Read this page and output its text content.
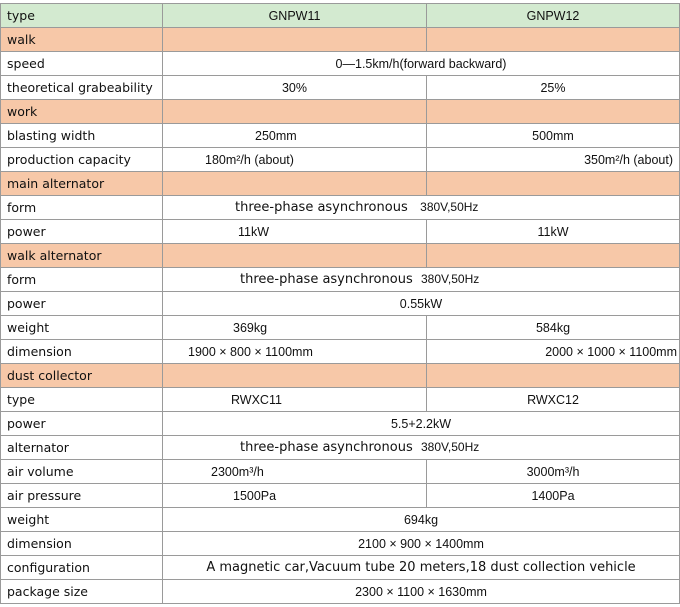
type	GNPW11	GNPW12
walk		
speed	0—1.5km/h(forward backward)	
theoretical grabeability	30%	25%
work		
blasting width	250mm	500mm
production capacity	180m²/h (about)	350m²/h (about)
main alternator		
form	three-phase asynchronous 380V,50Hz	
power	11kW	11kW
walk alternator		
form	three-phase asynchronous 380V,50Hz	
power	0.55kW	
weight	369kg	584kg
dimension	1900 × 800 × 1100mm	2000 × 1000 × 1100mm
dust collector		
type	RWXC11	RWXC12
power	5.5+2.2kW	
alternator	three-phase asynchronous 380V,50Hz	
air volume	2300m³/h	3000m³/h
air pressure	1500Pa	1400Pa
weight	694kg	
dimension	2100 × 900 × 1400mm	
configuration	A magnetic car,Vacuum tube 20 meters,18 dust collection vehicle	
package size	2300 × 1100 × 1630mm	
